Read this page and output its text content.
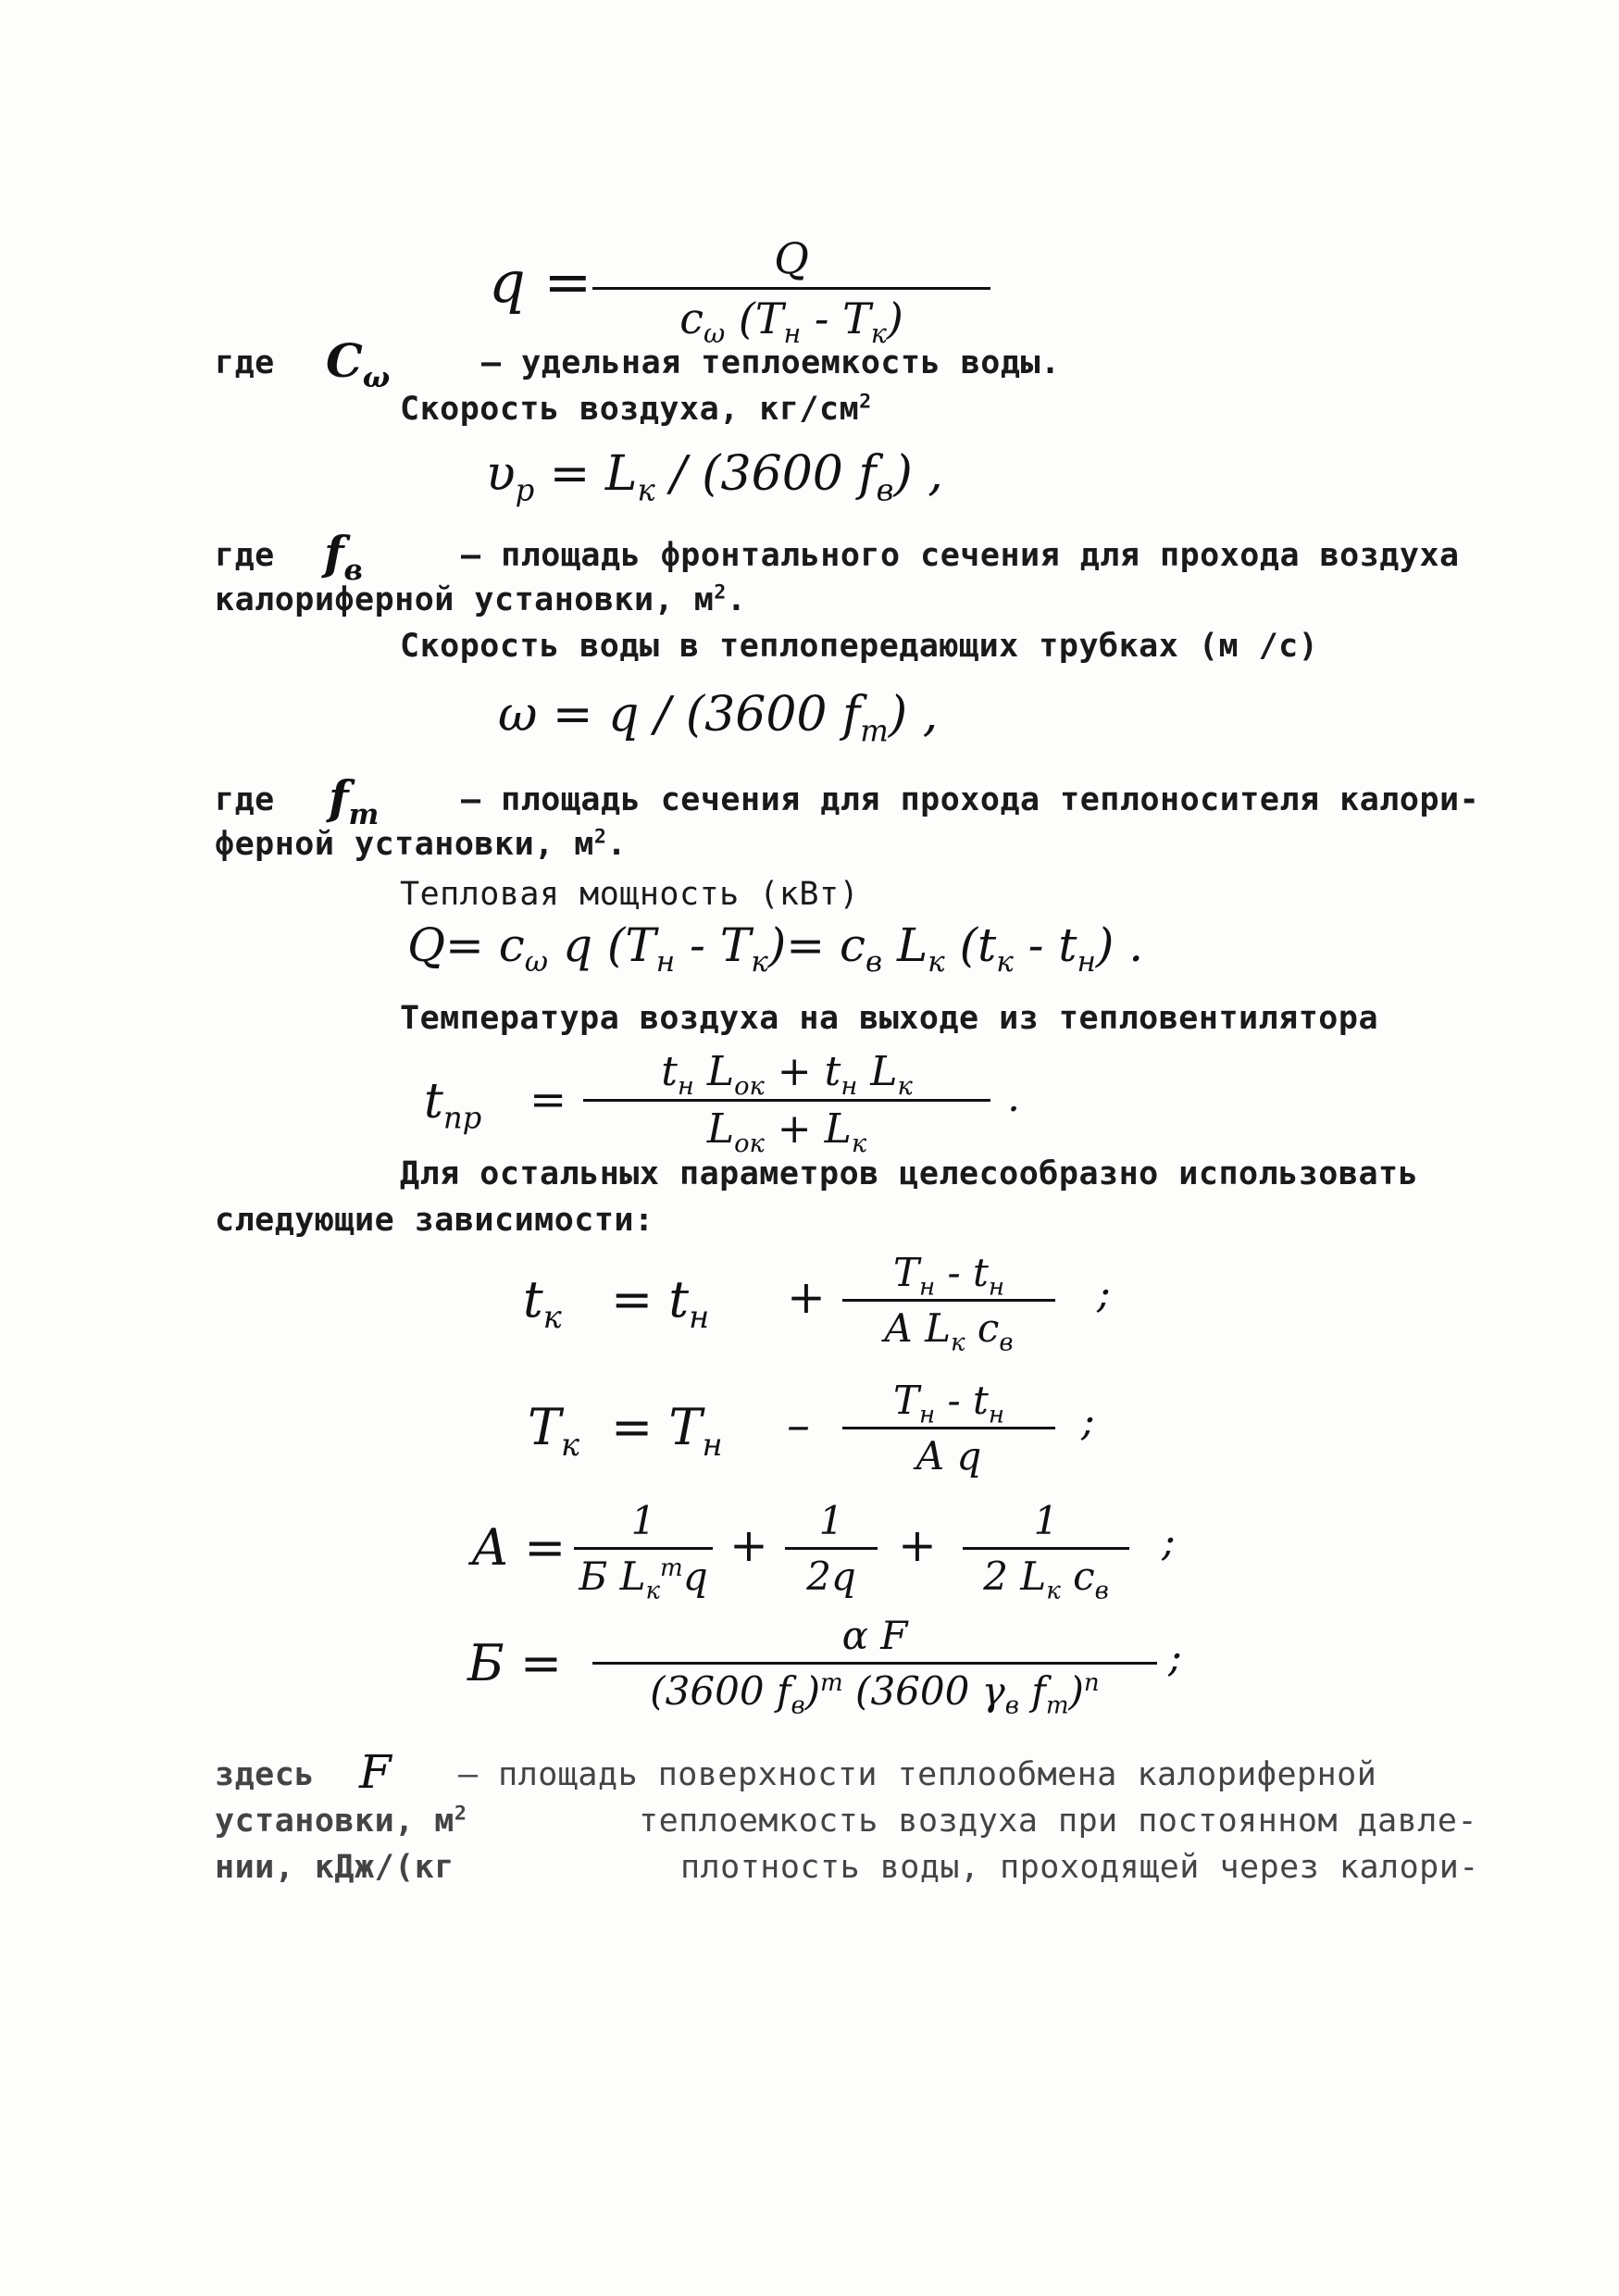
q =	Q
$c_\omega$ $(T_н - T_к)$
где $C_\omega$	– удельная теплоемкость воды.
Скорость воздуха, $кг/см^2$
$\upsilon_р = L_к$ ∕ (3600 $f_в$) ,
где $f_в$	– площадь фронтального сечения для прохода воздуха
калориферной установки, $м^2$.
Скорость воды в теплопередающих трубках (м /с)
ω = q ∕ (3600 $f_т$) ,
где $f_т$	– площадь сечения для прохода теплоносителя калори-
ферной установки, $м^2$.
Тепловая мощность (кВт)
$Q= c_\omega$ q $(T_н - T_к)= c_в$ $L_к$ $(t_к - t_н)$ .
Температура воздуха на выходе из тепловентилятора
$t_{пр}$ =
$t_н$ $L_{ок} + t_н$ $L_к$
$L_{ок} + L_к$
.
Для остальных параметров целесообразно использовать
следующие зависимости:
$t_к = t_н + T_н - t_н$
A $L_к$ $c_в$
;
$T_к = T_н - T_н - t_н$
A q
;
A = 1
Б $L_к^mq$
+ 1
2q
+ 1
2 $L_к$ $c_в$
;
Б =	α F
(3600 $f_в)^m$ (3600 $\gamma_в$ $f_т)^n$
;
здесь F – площадь поверхности теплообмена калориферной
установки, $м^2$	теплоемкость воздуха при постоянном давле-
нии, кДж/(кг	плотность воды, проходящей через калори-
